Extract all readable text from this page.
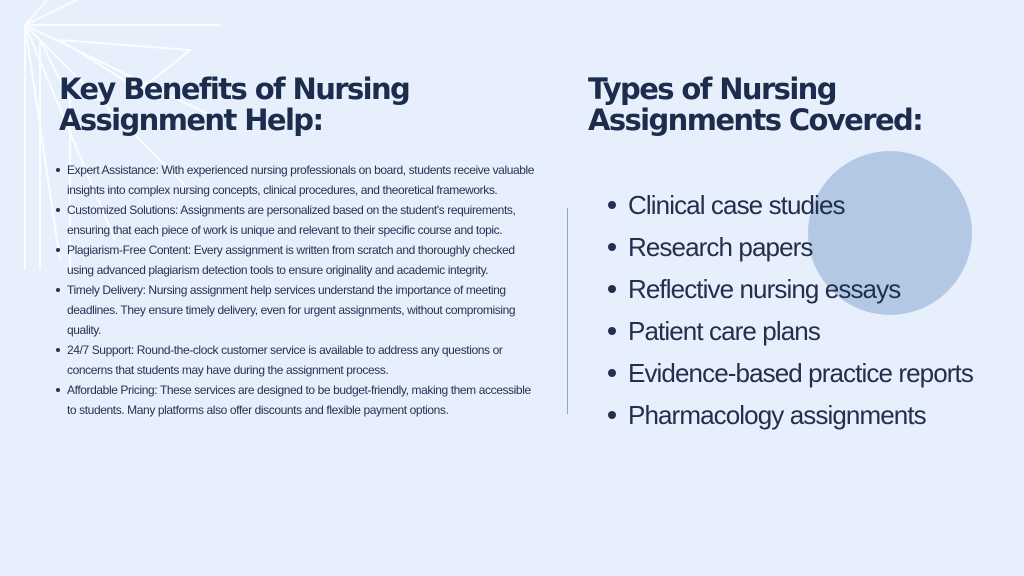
Key Benefits of Nursing
Assignment Help:
Expert Assistance: With experienced nursing professionals on board, students receive valuable insights into complex nursing concepts, clinical procedures, and theoretical frameworks.
Customized Solutions: Assignments are personalized based on the student's requirements, ensuring that each piece of work is unique and relevant to their specific course and topic.
Plagiarism-Free Content: Every assignment is written from scratch and thoroughly checked using advanced plagiarism detection tools to ensure originality and academic integrity.
Timely Delivery: Nursing assignment help services understand the importance of meeting deadlines. They ensure timely delivery, even for urgent assignments, without compromising quality.
24/7 Support: Round-the-clock customer service is available to address any questions or concerns that students may have during the assignment process.
Affordable Pricing: These services are designed to be budget-friendly, making them accessible to students. Many platforms also offer discounts and flexible payment options.
Types of Nursing
Assignments Covered:
Clinical case studies
Research papers
Reflective nursing essays
Patient care plans
Evidence-based practice reports
Pharmacology assignments
